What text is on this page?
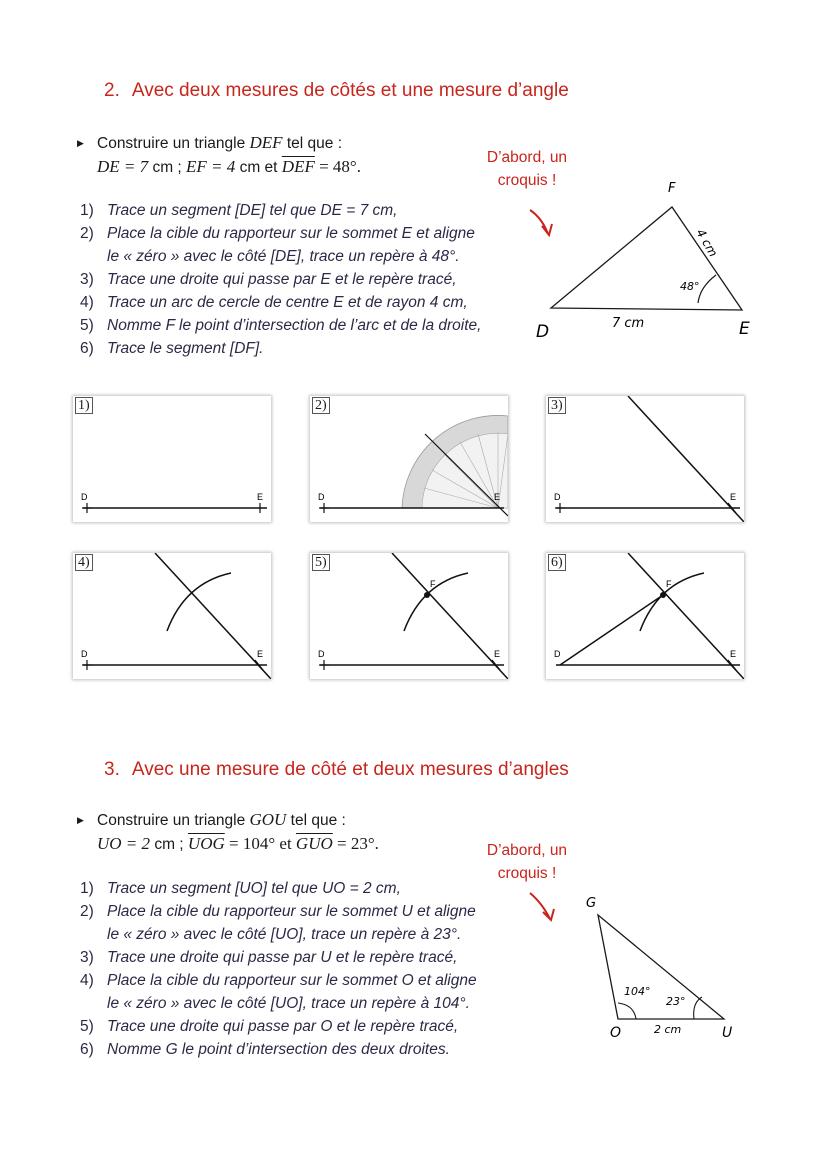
2. Avec deux mesures de côtés et une mesure d’angle
▶ Construire un triangle DEF tel que :
DE = 7 cm ; EF = 4 cm et $\overline{DEF} = 48^\circ$.	D’abord, un
croquis !
1) Trace un segment [DE] tel que DE = 7 cm,
2) Place la cible du rapporteur sur le sommet E et aligne
le « zéro » avec le côté [DE], trace un repère à 48°.
3) Trace une droite qui passe par E et le repère tracé,
4) Trace un arc de cercle de centre E et de rayon 4 cm,
5) Nomme F le point d’intersection de l’arc et de la droite,
6) Trace le segment [DF].
F
D	E
7 cm
4 cm
48°
D	E
1)
D	E
2)
D	E
3)
D	E
4)
F
D	E
5)
F
D	E
6)
3. Avec une mesure de côté et deux mesures d’angles
▶ Construire un triangle GOU tel que :
UO = 2 cm ; $\overline{UOG} = 104^\circ$ et $\overline{GUO} = 23^\circ$.	D’abord, un
croquis !
1) Trace un segment [UO] tel que UO = 2 cm,
2) Place la cible du rapporteur sur le sommet U et aligne
le « zéro » avec le côté [UO], trace un repère à 23°.
3) Trace une droite qui passe par U et le repère tracé,
4) Place la cible du rapporteur sur le sommet O et aligne
le « zéro » avec le côté [UO], trace un repère à 104°.
5) Trace une droite qui passe par O et le repère tracé,
6) Nomme G le point d’intersection des deux droites.
G
O	U
2 cm
104°
23°
